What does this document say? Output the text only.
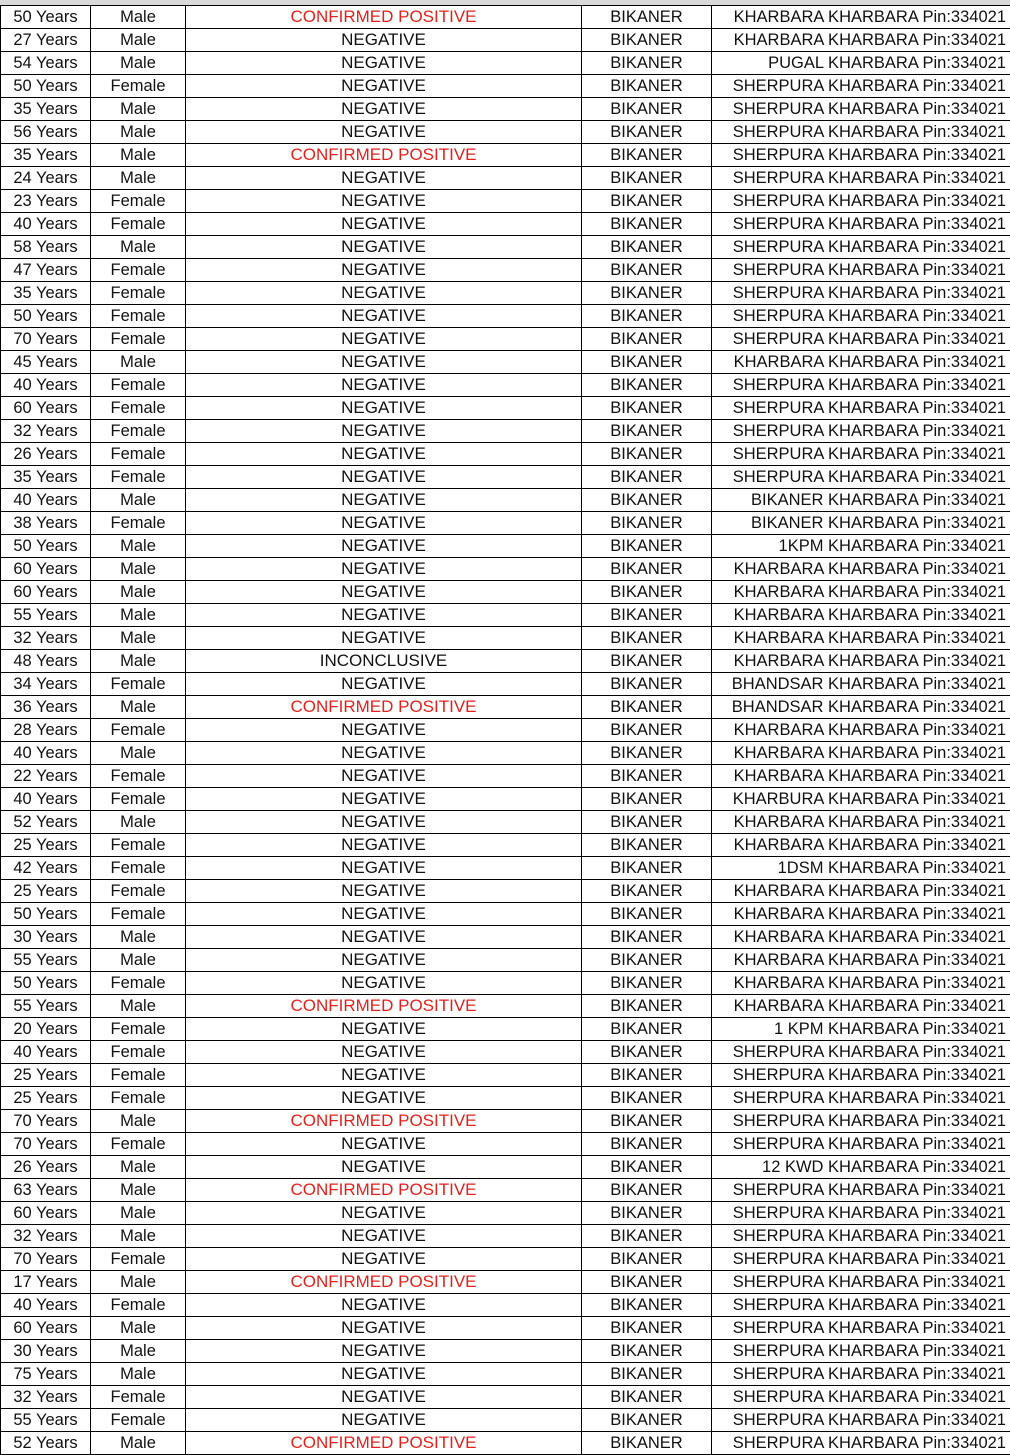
50 Years	Male	CONFIRMED POSITIVE	BIKANER	KHARBARA KHARBARA Pin:334021
27 Years	Male	NEGATIVE	BIKANER	KHARBARA KHARBARA Pin:334021
54 Years	Male	NEGATIVE	BIKANER	PUGAL KHARBARA Pin:334021
50 Years	Female	NEGATIVE	BIKANER	SHERPURA KHARBARA Pin:334021
35 Years	Male	NEGATIVE	BIKANER	SHERPURA KHARBARA Pin:334021
56 Years	Male	NEGATIVE	BIKANER	SHERPURA KHARBARA Pin:334021
35 Years	Male	CONFIRMED POSITIVE	BIKANER	SHERPURA KHARBARA Pin:334021
24 Years	Male	NEGATIVE	BIKANER	SHERPURA KHARBARA Pin:334021
23 Years	Female	NEGATIVE	BIKANER	SHERPURA KHARBARA Pin:334021
40 Years	Female	NEGATIVE	BIKANER	SHERPURA KHARBARA Pin:334021
58 Years	Male	NEGATIVE	BIKANER	SHERPURA KHARBARA Pin:334021
47 Years	Female	NEGATIVE	BIKANER	SHERPURA KHARBARA Pin:334021
35 Years	Female	NEGATIVE	BIKANER	SHERPURA KHARBARA Pin:334021
50 Years	Female	NEGATIVE	BIKANER	SHERPURA KHARBARA Pin:334021
70 Years	Female	NEGATIVE	BIKANER	SHERPURA KHARBARA Pin:334021
45 Years	Male	NEGATIVE	BIKANER	KHARBARA KHARBARA Pin:334021
40 Years	Female	NEGATIVE	BIKANER	SHERPURA KHARBARA Pin:334021
60 Years	Female	NEGATIVE	BIKANER	SHERPURA KHARBARA Pin:334021
32 Years	Female	NEGATIVE	BIKANER	SHERPURA KHARBARA Pin:334021
26 Years	Female	NEGATIVE	BIKANER	SHERPURA KHARBARA Pin:334021
35 Years	Female	NEGATIVE	BIKANER	SHERPURA KHARBARA Pin:334021
40 Years	Male	NEGATIVE	BIKANER	BIKANER KHARBARA Pin:334021
38 Years	Female	NEGATIVE	BIKANER	BIKANER KHARBARA Pin:334021
50 Years	Male	NEGATIVE	BIKANER	1KPM KHARBARA Pin:334021
60 Years	Male	NEGATIVE	BIKANER	KHARBARA KHARBARA Pin:334021
60 Years	Male	NEGATIVE	BIKANER	KHARBARA KHARBARA Pin:334021
55 Years	Male	NEGATIVE	BIKANER	KHARBARA KHARBARA Pin:334021
32 Years	Male	NEGATIVE	BIKANER	KHARBARA KHARBARA Pin:334021
48 Years	Male	INCONCLUSIVE	BIKANER	KHARBARA KHARBARA Pin:334021
34 Years	Female	NEGATIVE	BIKANER	BHANDSAR KHARBARA Pin:334021
36 Years	Male	CONFIRMED POSITIVE	BIKANER	BHANDSAR KHARBARA Pin:334021
28 Years	Female	NEGATIVE	BIKANER	KHARBARA KHARBARA Pin:334021
40 Years	Male	NEGATIVE	BIKANER	KHARBARA KHARBARA Pin:334021
22 Years	Female	NEGATIVE	BIKANER	KHARBARA KHARBARA Pin:334021
40 Years	Female	NEGATIVE	BIKANER	KHARBURA KHARBARA Pin:334021
52 Years	Male	NEGATIVE	BIKANER	KHARBARA KHARBARA Pin:334021
25 Years	Female	NEGATIVE	BIKANER	KHARBARA KHARBARA Pin:334021
42 Years	Female	NEGATIVE	BIKANER	1DSM KHARBARA Pin:334021
25 Years	Female	NEGATIVE	BIKANER	KHARBARA KHARBARA Pin:334021
50 Years	Female	NEGATIVE	BIKANER	KHARBARA KHARBARA Pin:334021
30 Years	Male	NEGATIVE	BIKANER	KHARBARA KHARBARA Pin:334021
55 Years	Male	NEGATIVE	BIKANER	KHARBARA KHARBARA Pin:334021
50 Years	Female	NEGATIVE	BIKANER	KHARBARA KHARBARA Pin:334021
55 Years	Male	CONFIRMED POSITIVE	BIKANER	KHARBARA KHARBARA Pin:334021
20 Years	Female	NEGATIVE	BIKANER	1 KPM KHARBARA Pin:334021
40 Years	Female	NEGATIVE	BIKANER	SHERPURA KHARBARA Pin:334021
25 Years	Female	NEGATIVE	BIKANER	SHERPURA KHARBARA Pin:334021
25 Years	Female	NEGATIVE	BIKANER	SHERPURA KHARBARA Pin:334021
70 Years	Male	CONFIRMED POSITIVE	BIKANER	SHERPURA KHARBARA Pin:334021
70 Years	Female	NEGATIVE	BIKANER	SHERPURA KHARBARA Pin:334021
26 Years	Male	NEGATIVE	BIKANER	12 KWD KHARBARA Pin:334021
63 Years	Male	CONFIRMED POSITIVE	BIKANER	SHERPURA KHARBARA Pin:334021
60 Years	Male	NEGATIVE	BIKANER	SHERPURA KHARBARA Pin:334021
32 Years	Male	NEGATIVE	BIKANER	SHERPURA KHARBARA Pin:334021
70 Years	Female	NEGATIVE	BIKANER	SHERPURA KHARBARA Pin:334021
17 Years	Male	CONFIRMED POSITIVE	BIKANER	SHERPURA KHARBARA Pin:334021
40 Years	Female	NEGATIVE	BIKANER	SHERPURA KHARBARA Pin:334021
60 Years	Male	NEGATIVE	BIKANER	SHERPURA KHARBARA Pin:334021
30 Years	Male	NEGATIVE	BIKANER	SHERPURA KHARBARA Pin:334021
75 Years	Male	NEGATIVE	BIKANER	SHERPURA KHARBARA Pin:334021
32 Years	Female	NEGATIVE	BIKANER	SHERPURA KHARBARA Pin:334021
55 Years	Female	NEGATIVE	BIKANER	SHERPURA KHARBARA Pin:334021
52 Years	Male	CONFIRMED POSITIVE	BIKANER	SHERPURA KHARBARA Pin:334021
